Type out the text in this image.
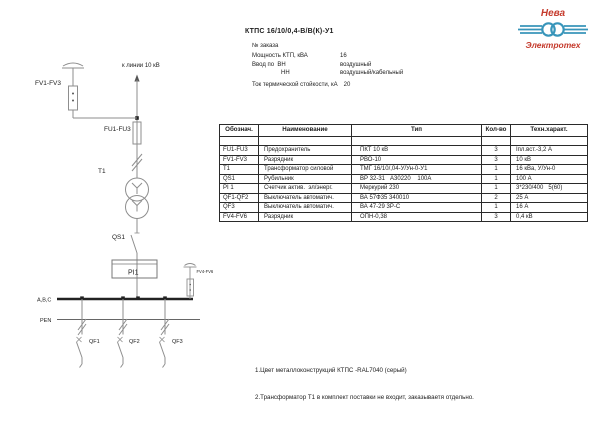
к линии 10 кВ
FV1-FV3
FU1-FU3
Т1
QS1
PI1
A,B,C
FV4-FV6
PEN
QF1	QF2	QF3
КТПС 16/10/0,4-В/В(К)-У1
№ заказа
Мощность КТП, кВА	16
Ввод по  ВН	воздушный
НН	воздушный/кабельный
Ток термической стойкости, кА 20
Нева
Электротех
Обознач.	Наименование	Тип	Кол-во	Техн.характ.

FU1-FU3	Предохранитель	ПКТ 10 кВ	3	Iпл.вст.-3,2 А
FV1-FV3	Разрядник	РВО-10	3	10 кВ
Т1	Трансформатор силовой	ТМГ 16/10/,04-У/Ун-0-У1	1	16 кВа, У/Ун-0
QS1	Рубильник	ВР 32-31   А30220    100А	1	100 А
PI 1	Счетчик актив.  эл/энерг.	Меркурий 230	1	3*230/400   5(60)
QF1-QF2	Выключатель автоматич.	ВА 57Ф35 340010	2	25 А
QF3	Выключатель автоматич.	ВА 47-29 3Р-С	1	16 А
FV4-FV6	Разрядник	ОПН-0,38	3	0,4 кВ

1.Цвет металлоконструкций КТПС -RAL7040 (серый)

2.Трансформатор Т1 в комплект поставки не входит, заказываетя отдельно.
